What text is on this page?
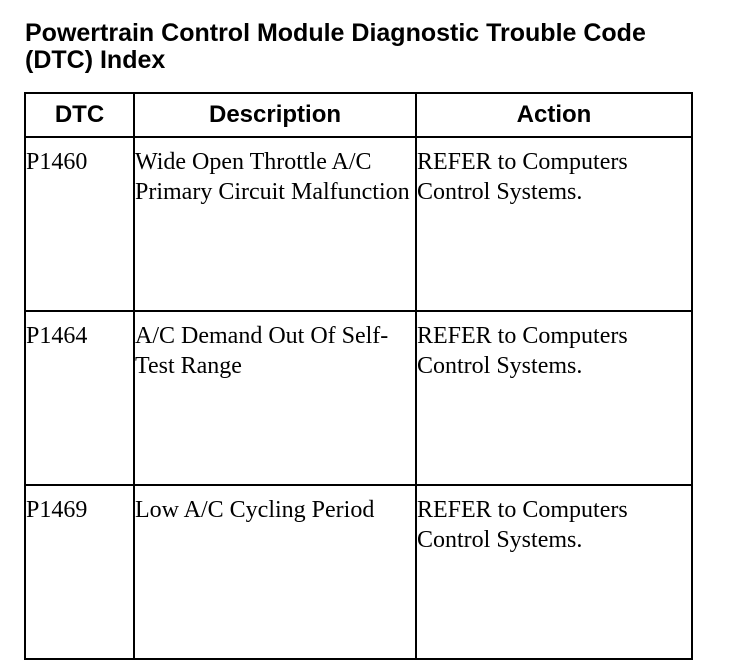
Powertrain Control Module Diagnostic Trouble Code (DTC) Index
DTC	Description	Action
P1460	Wide Open Throttle A/C Primary Circuit Malfunction	REFER to Computers Control Systems.
P1464	A/C Demand Out Of Self-Test Range	REFER to Computers Control Systems.
P1469	Low A/C Cycling Period	REFER to Computers Control Systems.
